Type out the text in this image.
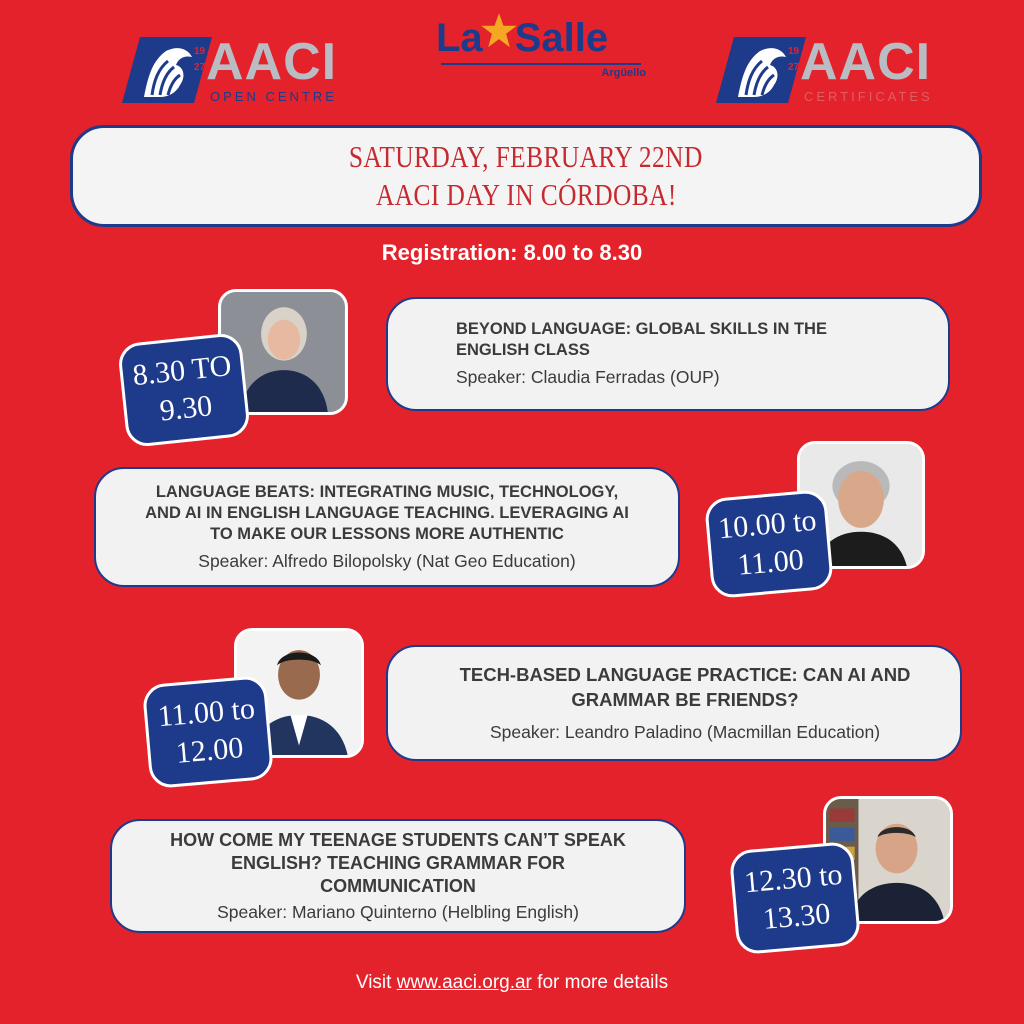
19
27 AACI
OPEN CENTRE
La Salle
Argüello
19
27 AACI
CERTIFICATES
SATURDAY, FEBRUARY 22ND
AACI DAY IN CÓRDOBA!
Registration: 8.00 to 8.30
8.30 TO
9.30
BEYOND LANGUAGE: GLOBAL SKILLS IN THE
ENGLISH CLASS
Speaker: Claudia Ferradas (OUP)
LANGUAGE BEATS: INTEGRATING MUSIC, TECHNOLOGY,
AND AI IN ENGLISH LANGUAGE TEACHING. LEVERAGING AI
TO MAKE OUR LESSONS MORE AUTHENTIC
Speaker: Alfredo Bilopolsky (Nat Geo Education)
10.00 to
11.00
11.00 to
12.00
TECH-BASED LANGUAGE PRACTICE: CAN AI AND
GRAMMAR BE FRIENDS?
Speaker: Leandro Paladino (Macmillan Education)
HOW COME MY TEENAGE STUDENTS CAN’T SPEAK
ENGLISH? TEACHING GRAMMAR FOR
COMMUNICATION
Speaker: Mariano Quinterno (Helbling English)
12.30 to
13.30
Visit www.aaci.org.ar for more details
